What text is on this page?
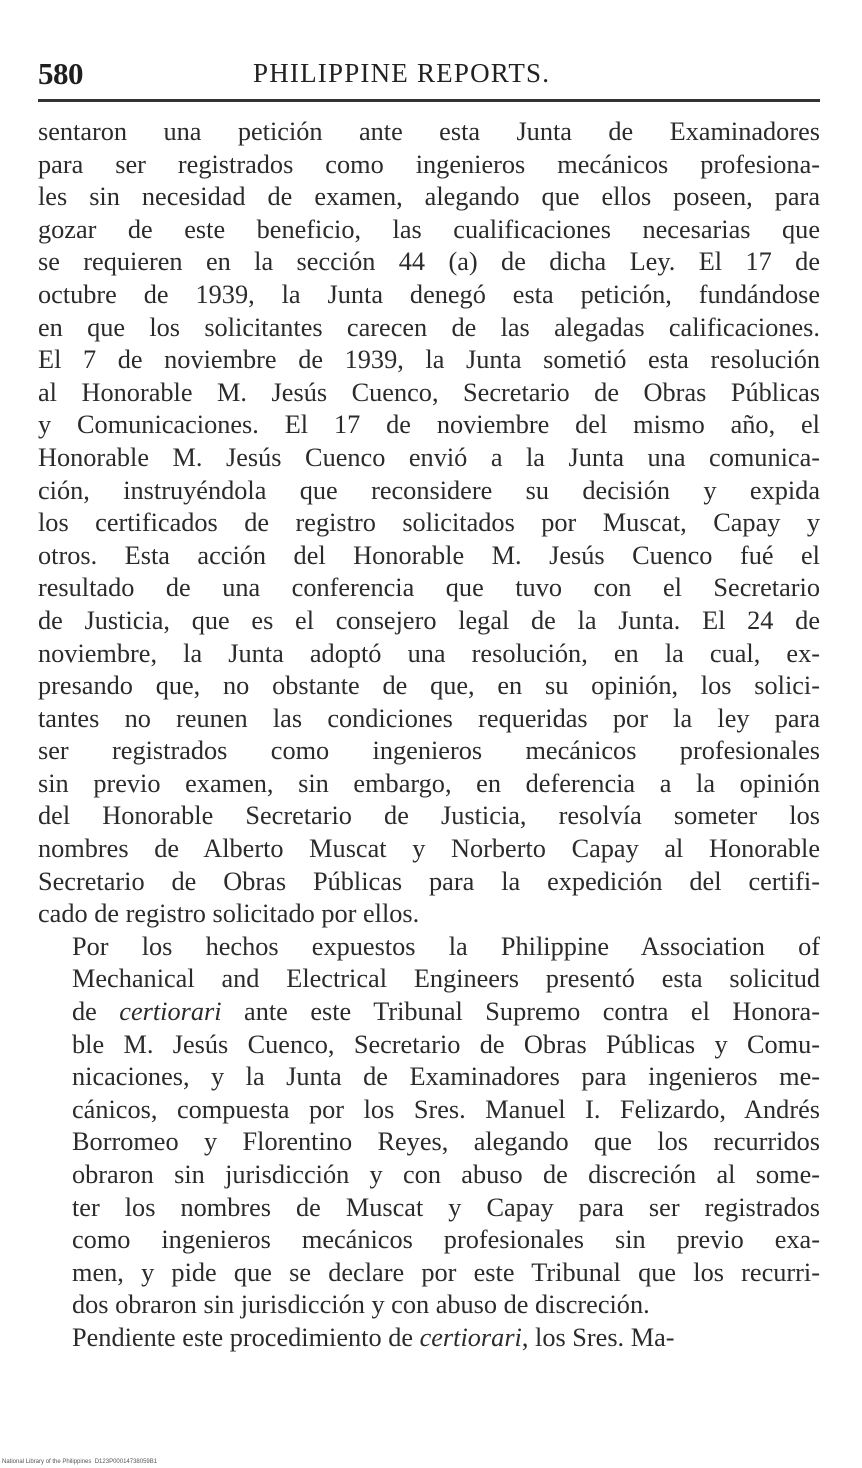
580	PHILIPPINE REPORTS.

sentaron una petición ante esta Junta de Examinadores
para ser registrados como ingenieros mecánicos profesiona-
les sin necesidad de examen, alegando que ellos poseen, para
gozar de este beneficio, las cualificaciones necesarias que
se requieren en la sección 44 (a) de dicha Ley. El 17 de
octubre de 1939, la Junta denegó esta petición, fundándose
en que los solicitantes carecen de las alegadas calificaciones.
El 7 de noviembre de 1939, la Junta sometió esta resolución
al Honorable M. Jesús Cuenco, Secretario de Obras Públicas
y Comunicaciones. El 17 de noviembre del mismo año, el
Honorable M. Jesús Cuenco envió a la Junta una comunica-
ción, instruyéndola que reconsidere su decisión y expida
los certificados de registro solicitados por Muscat, Capay y
otros. Esta acción del Honorable M. Jesús Cuenco fué el
resultado de una conferencia que tuvo con el Secretario
de Justicia, que es el consejero legal de la Junta. El 24 de
noviembre, la Junta adoptó una resolución, en la cual, ex-
presando que, no obstante de que, en su opinión, los solici-
tantes no reunen las condiciones requeridas por la ley para
ser registrados como ingenieros mecánicos profesionales
sin previo examen, sin embargo, en deferencia a la opinión
del Honorable Secretario de Justicia, resolvía someter los
nombres de Alberto Muscat y Norberto Capay al Honorable
Secretario de Obras Públicas para la expedición del certifi-
cado de registro solicitado por ellos.

Por los hechos expuestos la Philippine Association of
Mechanical and Electrical Engineers presentó esta solicitud
de certiorari ante este Tribunal Supremo contra el Honora-
ble M. Jesús Cuenco, Secretario de Obras Públicas y Comu-
nicaciones, y la Junta de Examinadores para ingenieros me-
cánicos, compuesta por los Sres. Manuel I. Felizardo, Andrés
Borromeo y Florentino Reyes, alegando que los recurridos
obraron sin jurisdicción y con abuso de discreción al some-
ter los nombres de Muscat y Capay para ser registrados
como ingenieros mecánicos profesionales sin previo exa-
men, y pide que se declare por este Tribunal que los recurri-
dos obraron sin jurisdicción y con abuso de discreción.

Pendiente este procedimiento de certiorari, los Sres. Ma-

National Library of the Philippines  D123P00014738059B1
